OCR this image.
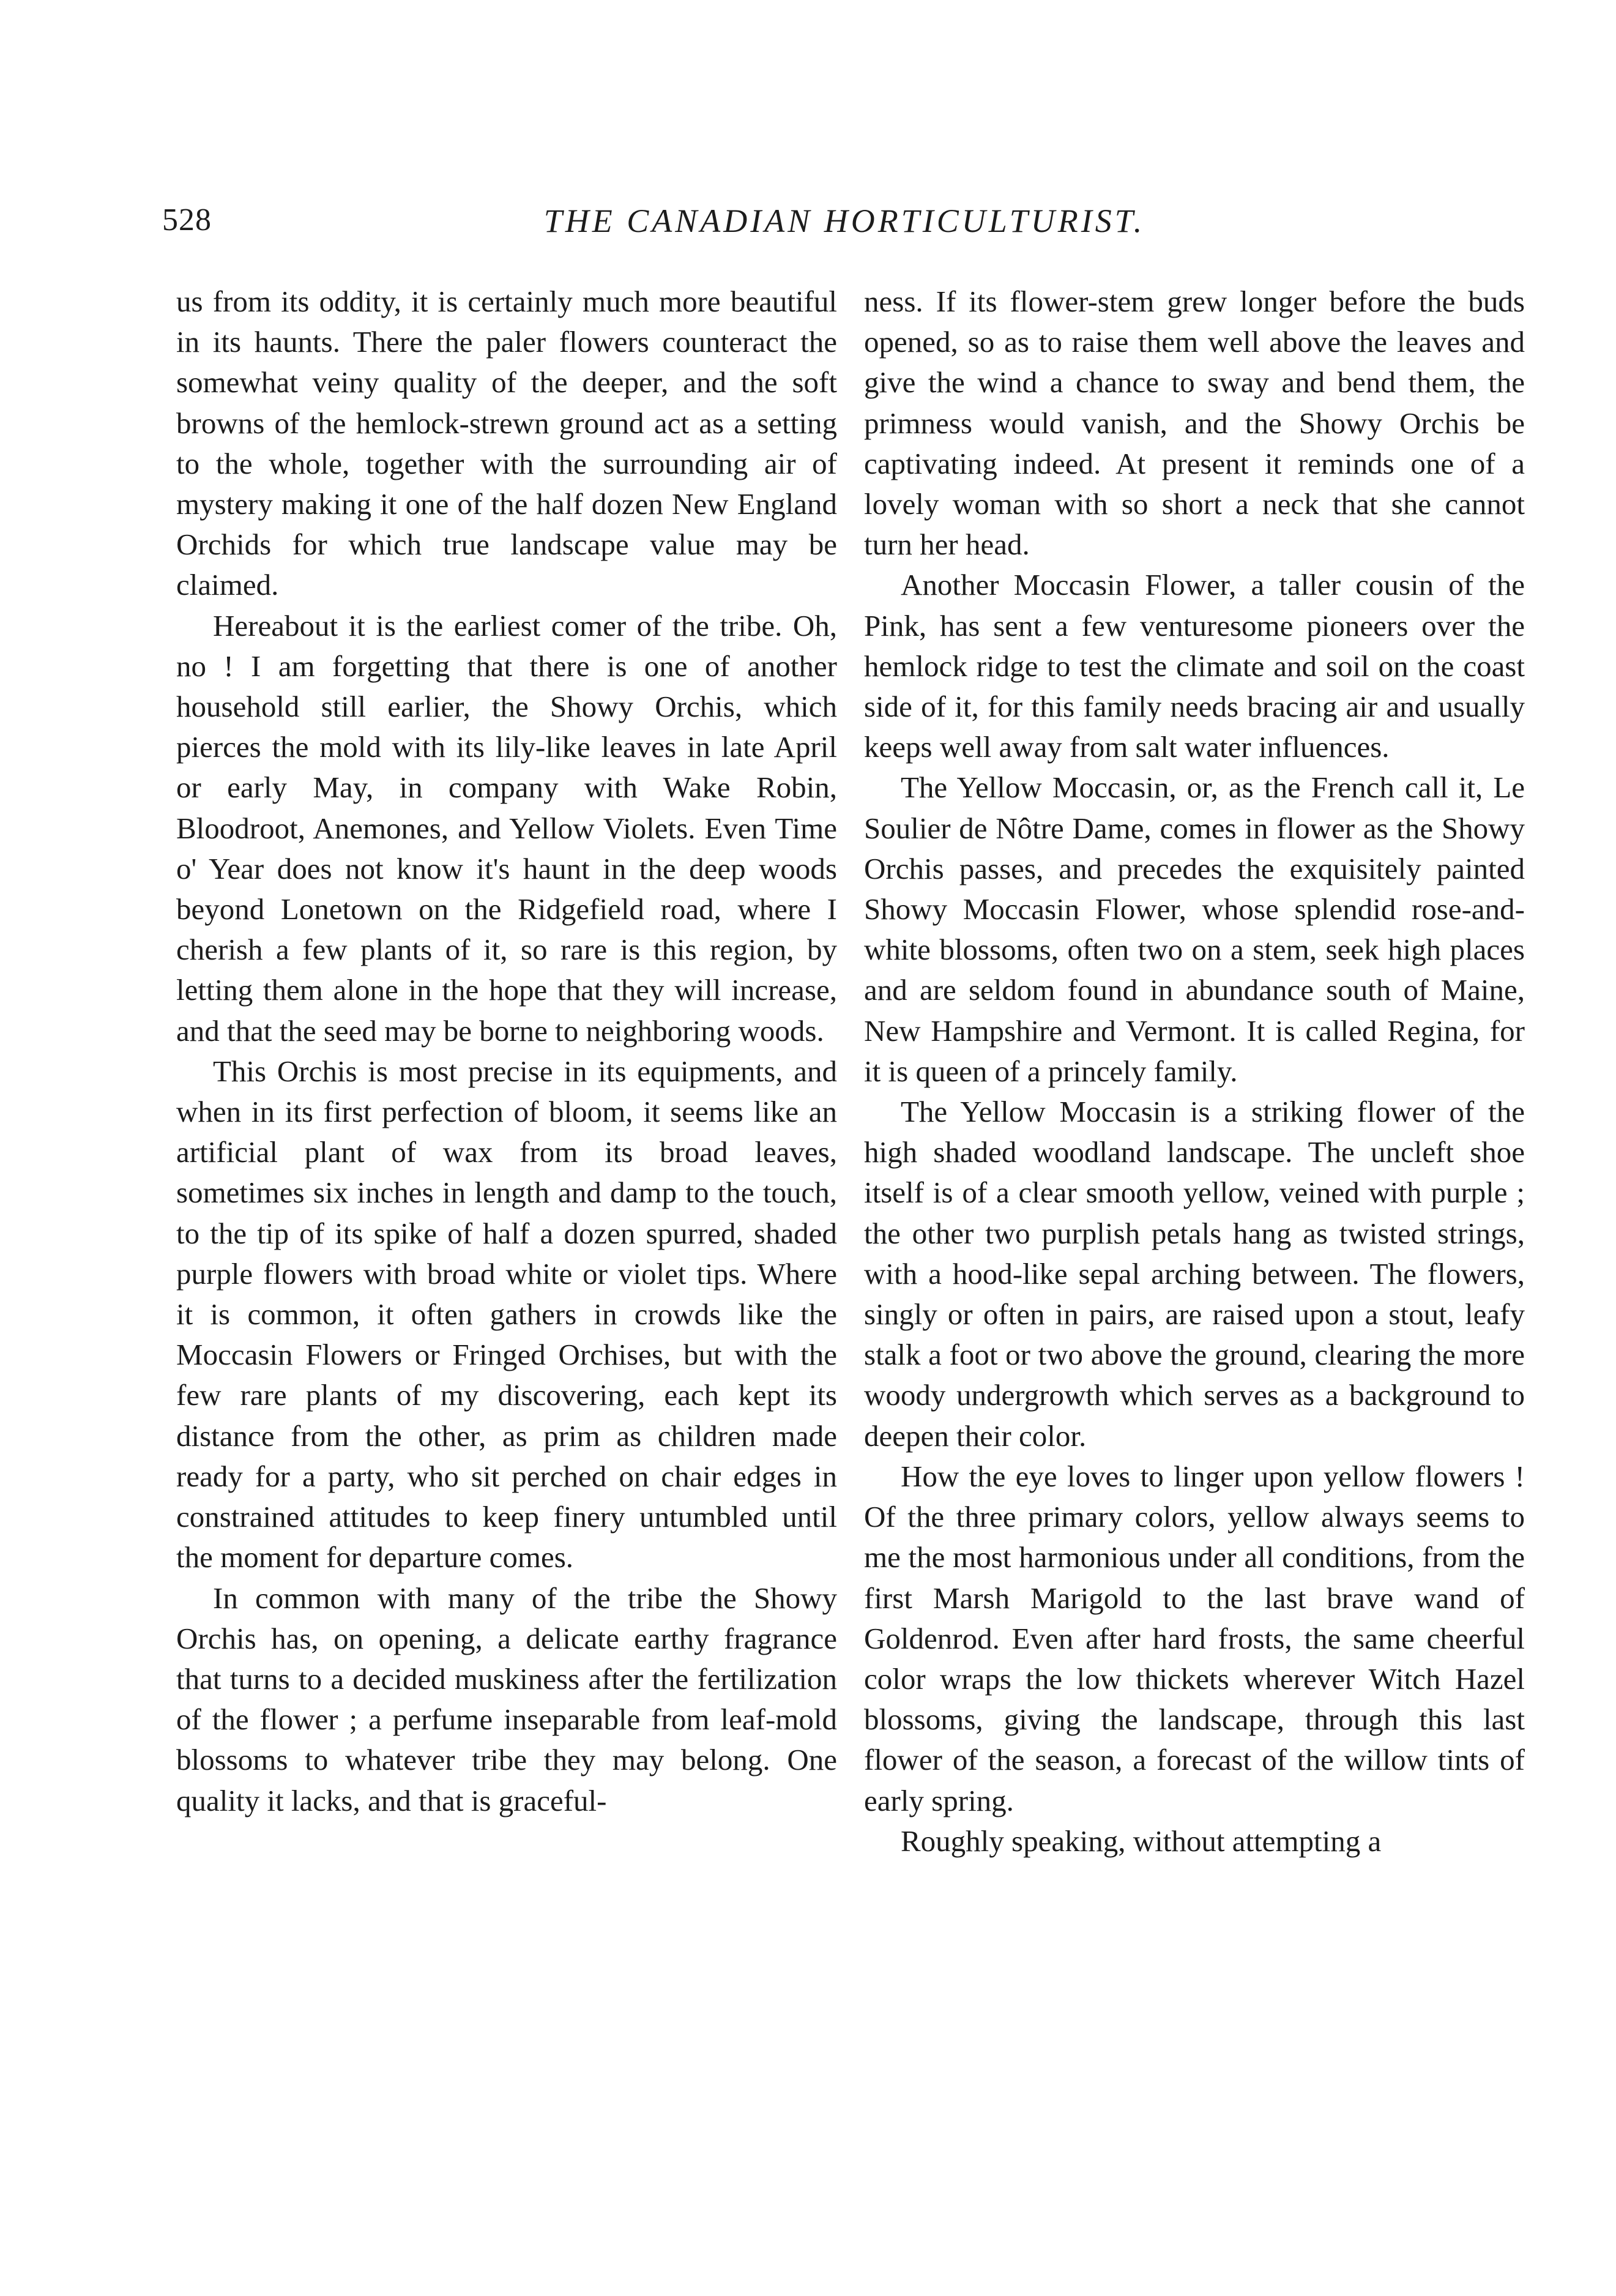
528	THE CANADIAN HORTICULTURIST.

us from its oddity, it is certainly much more beautiful in its haunts. There the paler flowers counteract the somewhat veiny quality of the deeper, and the soft browns of the hemlock-strewn ground act as a setting to the whole, together with the surrounding air of mystery making it one of the half dozen New England Orchids for which true landscape value may be claimed.

Hereabout it is the earliest comer of the tribe. Oh, no ! I am forgetting that there is one of another household still earlier, the Showy Orchis, which pierces the mold with its lily-like leaves in late April or early May, in company with Wake Robin, Bloodroot, Anemones, and Yellow Violets. Even Time o' Year does not know it's haunt in the deep woods beyond Lonetown on the Ridgefield road, where I cherish a few plants of it, so rare is this region, by letting them alone in the hope that they will increase, and that the seed may be borne to neighboring woods.

This Orchis is most precise in its equipments, and when in its first perfection of bloom, it seems like an artificial plant of wax from its broad leaves, sometimes six inches in length and damp to the touch, to the tip of its spike of half a dozen spurred, shaded purple flowers with broad white or violet tips. Where it is common, it often gathers in crowds like the Moccasin Flowers or Fringed Orchises, but with the few rare plants of my discovering, each kept its distance from the other, as prim as children made ready for a party, who sit perched on chair edges in constrained attitudes to keep finery untumbled until the moment for departure comes.

In common with many of the tribe the Showy Orchis has, on opening, a delicate earthy fragrance that turns to a decided muskiness after the fertilization of the flower ; a perfume inseparable from leaf-mold blossoms to whatever tribe they may belong. One quality it lacks, and that is graceful-

ness. If its flower-stem grew longer before the buds opened, so as to raise them well above the leaves and give the wind a chance to sway and bend them, the primness would vanish, and the Showy Orchis be captivating indeed. At present it reminds one of a lovely woman with so short a neck that she cannot turn her head.

Another Moccasin Flower, a taller cousin of the Pink, has sent a few venturesome pioneers over the hemlock ridge to test the climate and soil on the coast side of it, for this family needs bracing air and usually keeps well away from salt water influences.

The Yellow Moccasin, or, as the French call it, Le Soulier de Nôtre Dame, comes in flower as the Showy Orchis passes, and precedes the exquisitely painted Showy Moccasin Flower, whose splendid rose-and-white blossoms, often two on a stem, seek high places and are seldom found in abundance south of Maine, New Hampshire and Vermont. It is called Regina, for it is queen of a princely family.

The Yellow Moccasin is a striking flower of the high shaded woodland landscape. The uncleft shoe itself is of a clear smooth yellow, veined with purple ; the other two purplish petals hang as twisted strings, with a hood-like sepal arching between. The flowers, singly or often in pairs, are raised upon a stout, leafy stalk a foot or two above the ground, clearing the more woody undergrowth which serves as a background to deepen their color.

How the eye loves to linger upon yellow flowers ! Of the three primary colors, yellow always seems to me the most harmonious under all conditions, from the first Marsh Marigold to the last brave wand of Goldenrod. Even after hard frosts, the same cheerful color wraps the low thickets wherever Witch Hazel blossoms, giving the landscape, through this last flower of the season, a forecast of the willow tints of early spring.

Roughly speaking, without attempting a
